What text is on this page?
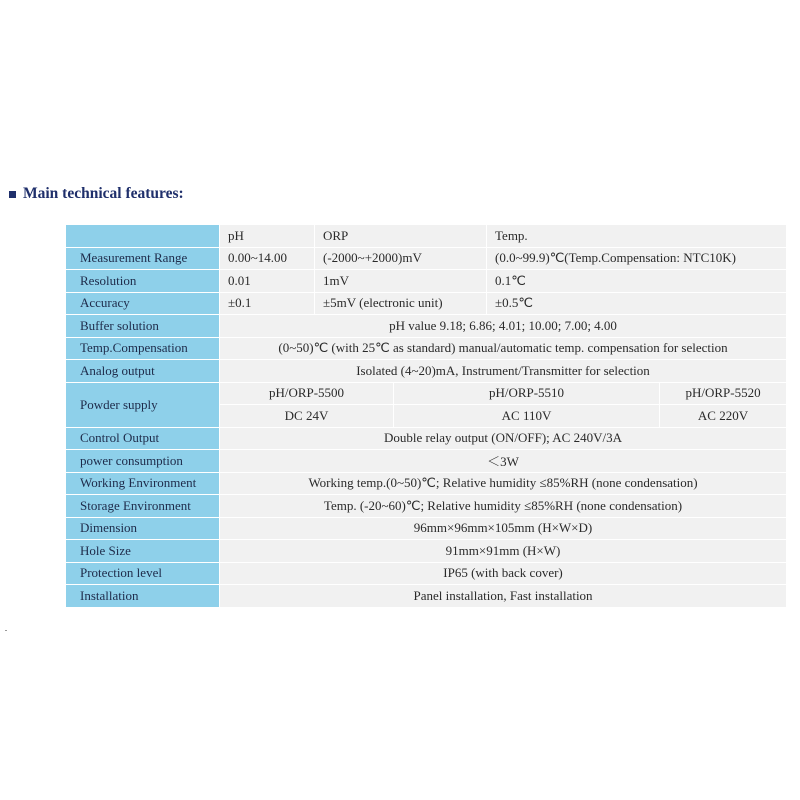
Main technical features:
	pH	ORP		Temp.	
Measurement Range	0.00~14.00	(-2000~+2000)mV		(0.0~99.9)℃(Temp.Compensation: NTC10K)	
Resolution	0.01	1mV		0.1℃	
Accuracy	±0.1	±5mV (electronic unit)		±0.5℃	
Buffer solution	pH value 9.18; 6.86; 4.01; 10.00; 7.00; 4.00				
Temp.Compensation	(0~50)℃ (with 25℃ as standard) manual/automatic temp. compensation for selection				
Analog output	Isolated (4~20)mA, Instrument/Transmitter for selection				
Powder supply	pH/ORP-5500		pH/ORP-5510		pH/ORP-5520
	DC 24V		AC 110V		AC 220V
Control Output	Double relay output (ON/OFF); AC 240V/3A				
power consumption	＜3W				
Working Environment	Working temp.(0~50)℃; Relative humidity ≤85%RH (none condensation)				
Storage Environment	Temp. (-20~60)℃; Relative humidity ≤85%RH (none condensation)				
Dimension	96mm×96mm×105mm (H×W×D)				
Hole Size	91mm×91mm (H×W)				
Protection level	IP65 (with back cover)				
Installation	Panel installation, Fast installation				
